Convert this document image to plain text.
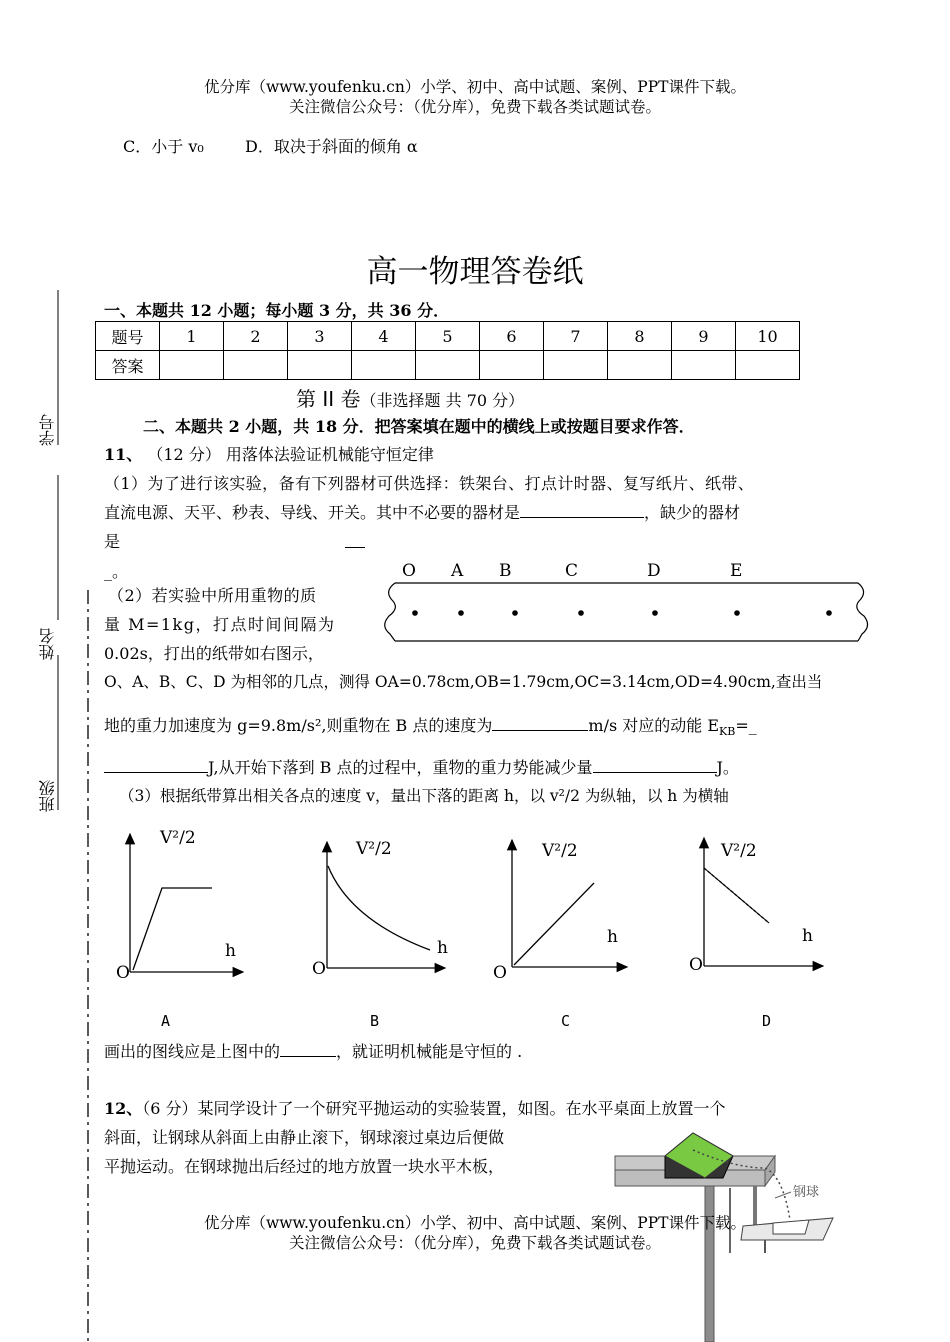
优分库（www.youfenku.cn）小学、初中、高中试题、案例、PPT课件下载。
关注微信公众号：（优分库），免费下载各类试题试卷。
C．小于 v₀	D．取决于斜面的倾角 α
高一物理答卷纸
学号
姓名
班级
一、本题共 12 小题；每小题 3 分，共 36 分．
题号	1	2	3	4	5	6	7	8	9	10
答案										
第 II 卷（非选择题 共 70 分）
二、本题共 2 小题，共 18 分．把答案填在题中的横线上或按题目要求作答．
11、 （12 分） 用落体法验证机械能守恒定律
（1）为了进行该实验，备有下列器材可供选择：铁架台、打点计时器、复写纸片、纸带、
直流电源、天平、秒表、导线、开关。其中不必要的器材是	，缺少的器材
是
_。	O A B	C	D	E
（2）若实验中所用重物的质
量 M=1kg，打点时间间隔为
0.02s，打出的纸带如右图示，
O、A、B、C、D 为相邻的几点，测得 OA=0.78cm,OB=1.79cm,OC=3.14cm,OD=4.90cm,查出当
地的重力加速度为 g=9.8m/s²,则重物在 B 点的速度为	m/s 对应的动能 $E_{KB}=\_$
J,从开始下落到 B 点的过程中，重物的重力势能减少量	J。
（3）根据纸带算出相关各点的速度 v，量出下落的距离 h，以 v²/2 为纵轴，以 h 为横轴
V²/2
h
O
A
V²/2
h
O
B
V²/2
h
O
C
V²/2
h
O
D
画出的图线应是上图中的	，就证明机械能是守恒的 .
12、（6 分）某同学设计了一个研究平抛运动的实验装置，如图。在水平桌面上放置一个
斜面，让钢球从斜面上由静止滚下，钢球滚过桌边后便做
平抛运动。在钢球抛出后经过的地方放置一块水平木板，
钢球
优分库（www.youfenku.cn）小学、初中、高中试题、案例、PPT课件下载。
关注微信公众号：（优分库），免费下载各类试题试卷。
